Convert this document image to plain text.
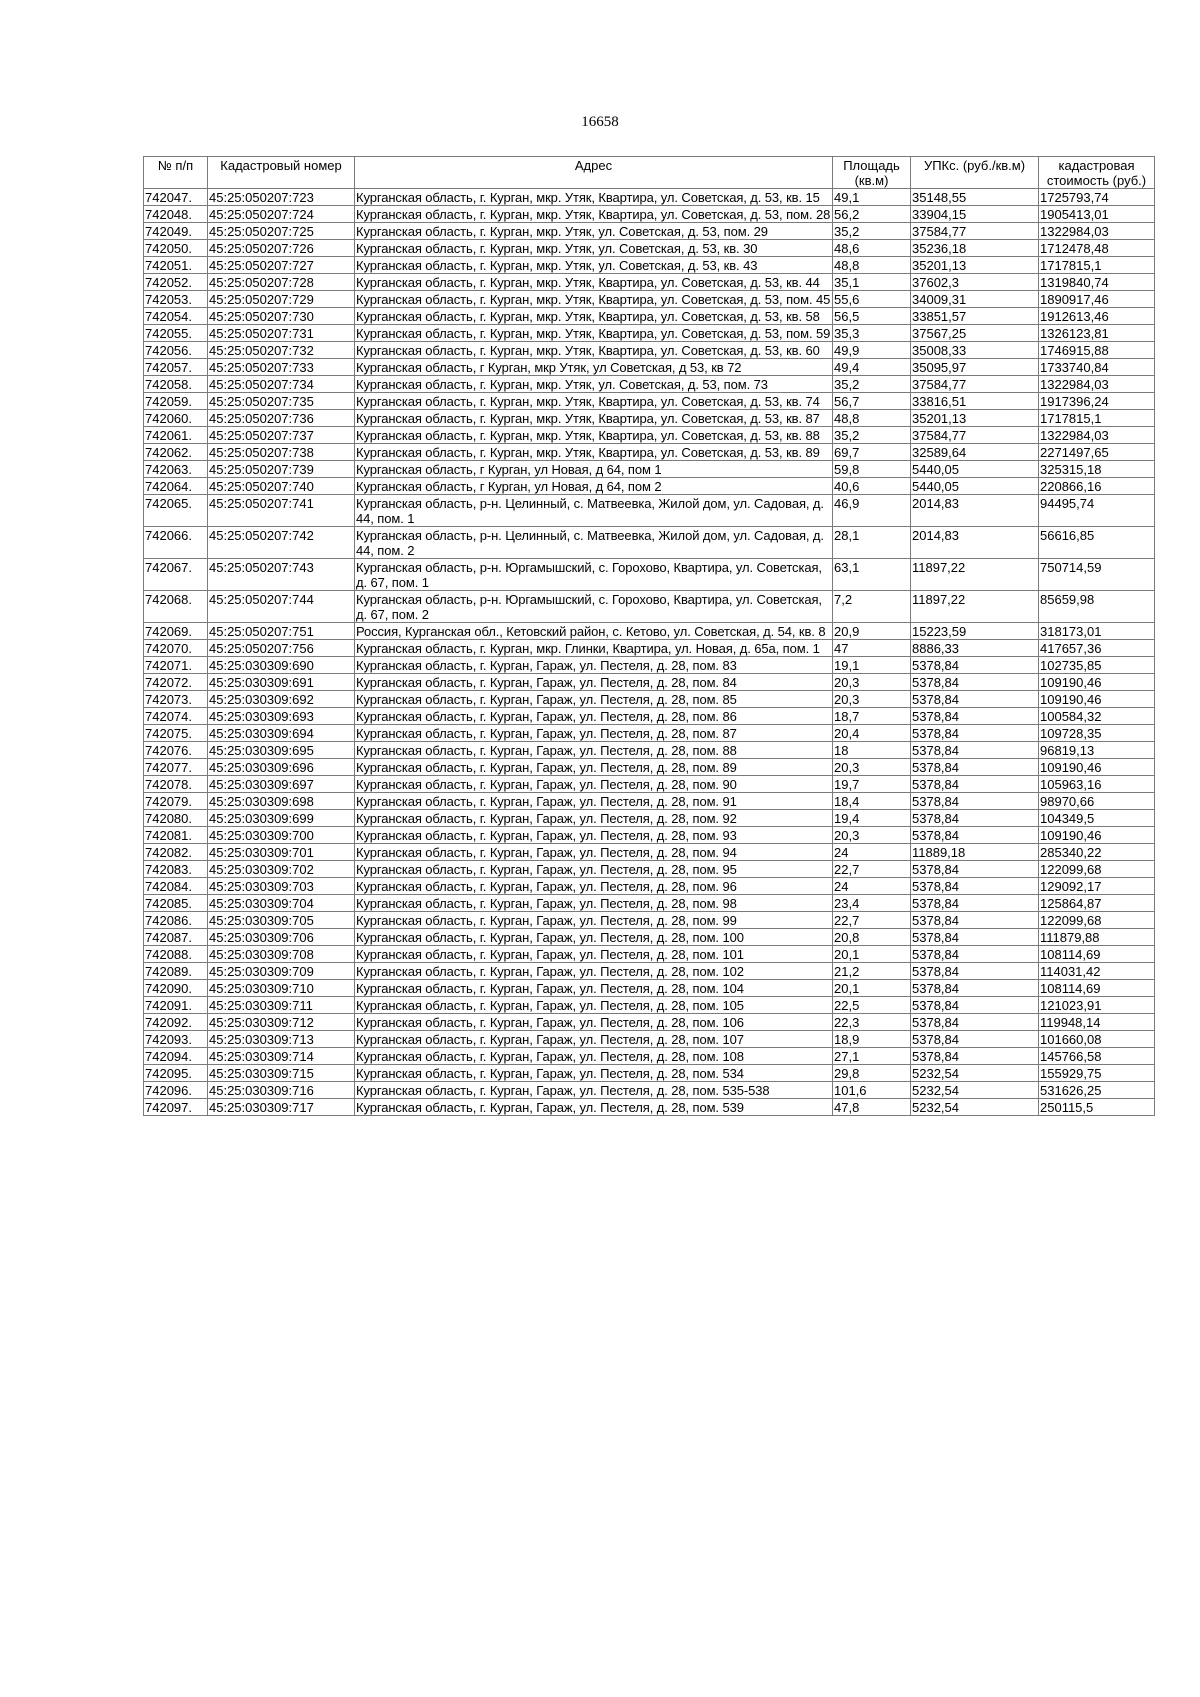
16658
№ п/п	Кадастровый номер	Адрес	Площадь (кв.м)	УПКс. (руб./кв.м)	кадастровая стоимость (руб.)
742047.	45:25:050207:723	Курганская область, г. Курган, мкр. Утяк, Квартира, ул. Советская, д. 53, кв. 15	49,1	35148,55	1725793,74
742048.	45:25:050207:724	Курганская область, г. Курган, мкр. Утяк, Квартира, ул. Советская, д. 53, пом. 28	56,2	33904,15	1905413,01
742049.	45:25:050207:725	Курганская область, г. Курган, мкр. Утяк, ул. Советская, д. 53, пом. 29	35,2	37584,77	1322984,03
742050.	45:25:050207:726	Курганская область, г. Курган, мкр. Утяк, ул. Советская, д. 53, кв. 30	48,6	35236,18	1712478,48
742051.	45:25:050207:727	Курганская область, г. Курган, мкр. Утяк, ул. Советская, д. 53, кв. 43	48,8	35201,13	1717815,1
742052.	45:25:050207:728	Курганская область, г. Курган, мкр. Утяк, Квартира, ул. Советская, д. 53, кв. 44	35,1	37602,3	1319840,74
742053.	45:25:050207:729	Курганская область, г. Курган, мкр. Утяк, Квартира, ул. Советская, д. 53, пом. 45	55,6	34009,31	1890917,46
742054.	45:25:050207:730	Курганская область, г. Курган, мкр. Утяк, Квартира, ул. Советская, д. 53, кв. 58	56,5	33851,57	1912613,46
742055.	45:25:050207:731	Курганская область, г. Курган, мкр. Утяк, Квартира, ул. Советская, д. 53, пом. 59	35,3	37567,25	1326123,81
742056.	45:25:050207:732	Курганская область, г. Курган, мкр. Утяк, Квартира, ул. Советская, д. 53, кв. 60	49,9	35008,33	1746915,88
742057.	45:25:050207:733	Курганская область, г Курган, мкр Утяк, ул Советская, д 53, кв 72	49,4	35095,97	1733740,84
742058.	45:25:050207:734	Курганская область, г. Курган, мкр. Утяк, ул. Советская, д. 53, пом. 73	35,2	37584,77	1322984,03
742059.	45:25:050207:735	Курганская область, г. Курган, мкр. Утяк, Квартира, ул. Советская, д. 53, кв. 74	56,7	33816,51	1917396,24
742060.	45:25:050207:736	Курганская область, г. Курган, мкр. Утяк, Квартира, ул. Советская, д. 53, кв. 87	48,8	35201,13	1717815,1
742061.	45:25:050207:737	Курганская область, г. Курган, мкр. Утяк, Квартира, ул. Советская, д. 53, кв. 88	35,2	37584,77	1322984,03
742062.	45:25:050207:738	Курганская область, г. Курган, мкр. Утяк, Квартира, ул. Советская, д. 53, кв. 89	69,7	32589,64	2271497,65
742063.	45:25:050207:739	Курганская область, г Курган, ул Новая, д 64, пом 1	59,8	5440,05	325315,18
742064.	45:25:050207:740	Курганская область, г Курган, ул Новая, д 64, пом 2	40,6	5440,05	220866,16
742065.	45:25:050207:741	Курганская область, р-н. Целинный, с. Матвеевка, Жилой дом, ул. Садовая, д. 44, пом. 1	46,9	2014,83	94495,74
742066.	45:25:050207:742	Курганская область, р-н. Целинный, с. Матвеевка, Жилой дом, ул. Садовая, д. 44, пом. 2	28,1	2014,83	56616,85
742067.	45:25:050207:743	Курганская область, р-н. Юргамышский, с. Горохово, Квартира, ул. Советская, д. 67, пом. 1	63,1	11897,22	750714,59
742068.	45:25:050207:744	Курганская область, р-н. Юргамышский, с. Горохово, Квартира, ул. Советская, д. 67, пом. 2	7,2	11897,22	85659,98
742069.	45:25:050207:751	Россия, Курганская обл., Кетовский район, с. Кетово, ул. Советская, д. 54, кв. 8	20,9	15223,59	318173,01
742070.	45:25:050207:756	Курганская область, г. Курган, мкр. Глинки, Квартира, ул. Новая, д. 65а, пом. 1	47	8886,33	417657,36
742071.	45:25:030309:690	Курганская область, г. Курган, Гараж, ул. Пестеля, д. 28, пом. 83	19,1	5378,84	102735,85
742072.	45:25:030309:691	Курганская область, г. Курган, Гараж, ул. Пестеля, д. 28, пом. 84	20,3	5378,84	109190,46
742073.	45:25:030309:692	Курганская область, г. Курган, Гараж, ул. Пестеля, д. 28, пом. 85	20,3	5378,84	109190,46
742074.	45:25:030309:693	Курганская область, г. Курган, Гараж, ул. Пестеля, д. 28, пом. 86	18,7	5378,84	100584,32
742075.	45:25:030309:694	Курганская область, г. Курган, Гараж, ул. Пестеля, д. 28, пом. 87	20,4	5378,84	109728,35
742076.	45:25:030309:695	Курганская область, г. Курган, Гараж, ул. Пестеля, д. 28, пом. 88	18	5378,84	96819,13
742077.	45:25:030309:696	Курганская область, г. Курган, Гараж, ул. Пестеля, д. 28, пом. 89	20,3	5378,84	109190,46
742078.	45:25:030309:697	Курганская область, г. Курган, Гараж, ул. Пестеля, д. 28, пом. 90	19,7	5378,84	105963,16
742079.	45:25:030309:698	Курганская область, г. Курган, Гараж, ул. Пестеля, д. 28, пом. 91	18,4	5378,84	98970,66
742080.	45:25:030309:699	Курганская область, г. Курган, Гараж, ул. Пестеля, д. 28, пом. 92	19,4	5378,84	104349,5
742081.	45:25:030309:700	Курганская область, г. Курган, Гараж, ул. Пестеля, д. 28, пом. 93	20,3	5378,84	109190,46
742082.	45:25:030309:701	Курганская область, г. Курган, Гараж, ул. Пестеля, д. 28, пом. 94	24	11889,18	285340,22
742083.	45:25:030309:702	Курганская область, г. Курган, Гараж, ул. Пестеля, д. 28, пом. 95	22,7	5378,84	122099,68
742084.	45:25:030309:703	Курганская область, г. Курган, Гараж, ул. Пестеля, д. 28, пом. 96	24	5378,84	129092,17
742085.	45:25:030309:704	Курганская область, г. Курган, Гараж, ул. Пестеля, д. 28, пом. 98	23,4	5378,84	125864,87
742086.	45:25:030309:705	Курганская область, г. Курган, Гараж, ул. Пестеля, д. 28, пом. 99	22,7	5378,84	122099,68
742087.	45:25:030309:706	Курганская область, г. Курган, Гараж, ул. Пестеля, д. 28, пом. 100	20,8	5378,84	111879,88
742088.	45:25:030309:708	Курганская область, г. Курган, Гараж, ул. Пестеля, д. 28, пом. 101	20,1	5378,84	108114,69
742089.	45:25:030309:709	Курганская область, г. Курган, Гараж, ул. Пестеля, д. 28, пом. 102	21,2	5378,84	114031,42
742090.	45:25:030309:710	Курганская область, г. Курган, Гараж, ул. Пестеля, д. 28, пом. 104	20,1	5378,84	108114,69
742091.	45:25:030309:711	Курганская область, г. Курган, Гараж, ул. Пестеля, д. 28, пом. 105	22,5	5378,84	121023,91
742092.	45:25:030309:712	Курганская область, г. Курган, Гараж, ул. Пестеля, д. 28, пом. 106	22,3	5378,84	119948,14
742093.	45:25:030309:713	Курганская область, г. Курган, Гараж, ул. Пестеля, д. 28, пом. 107	18,9	5378,84	101660,08
742094.	45:25:030309:714	Курганская область, г. Курган, Гараж, ул. Пестеля, д. 28, пом. 108	27,1	5378,84	145766,58
742095.	45:25:030309:715	Курганская область, г. Курган, Гараж, ул. Пестеля, д. 28, пом. 534	29,8	5232,54	155929,75
742096.	45:25:030309:716	Курганская область, г. Курган, Гараж, ул. Пестеля, д. 28, пом. 535-538	101,6	5232,54	531626,25
742097.	45:25:030309:717	Курганская область, г. Курган, Гараж, ул. Пестеля, д. 28, пом. 539	47,8	5232,54	250115,5
